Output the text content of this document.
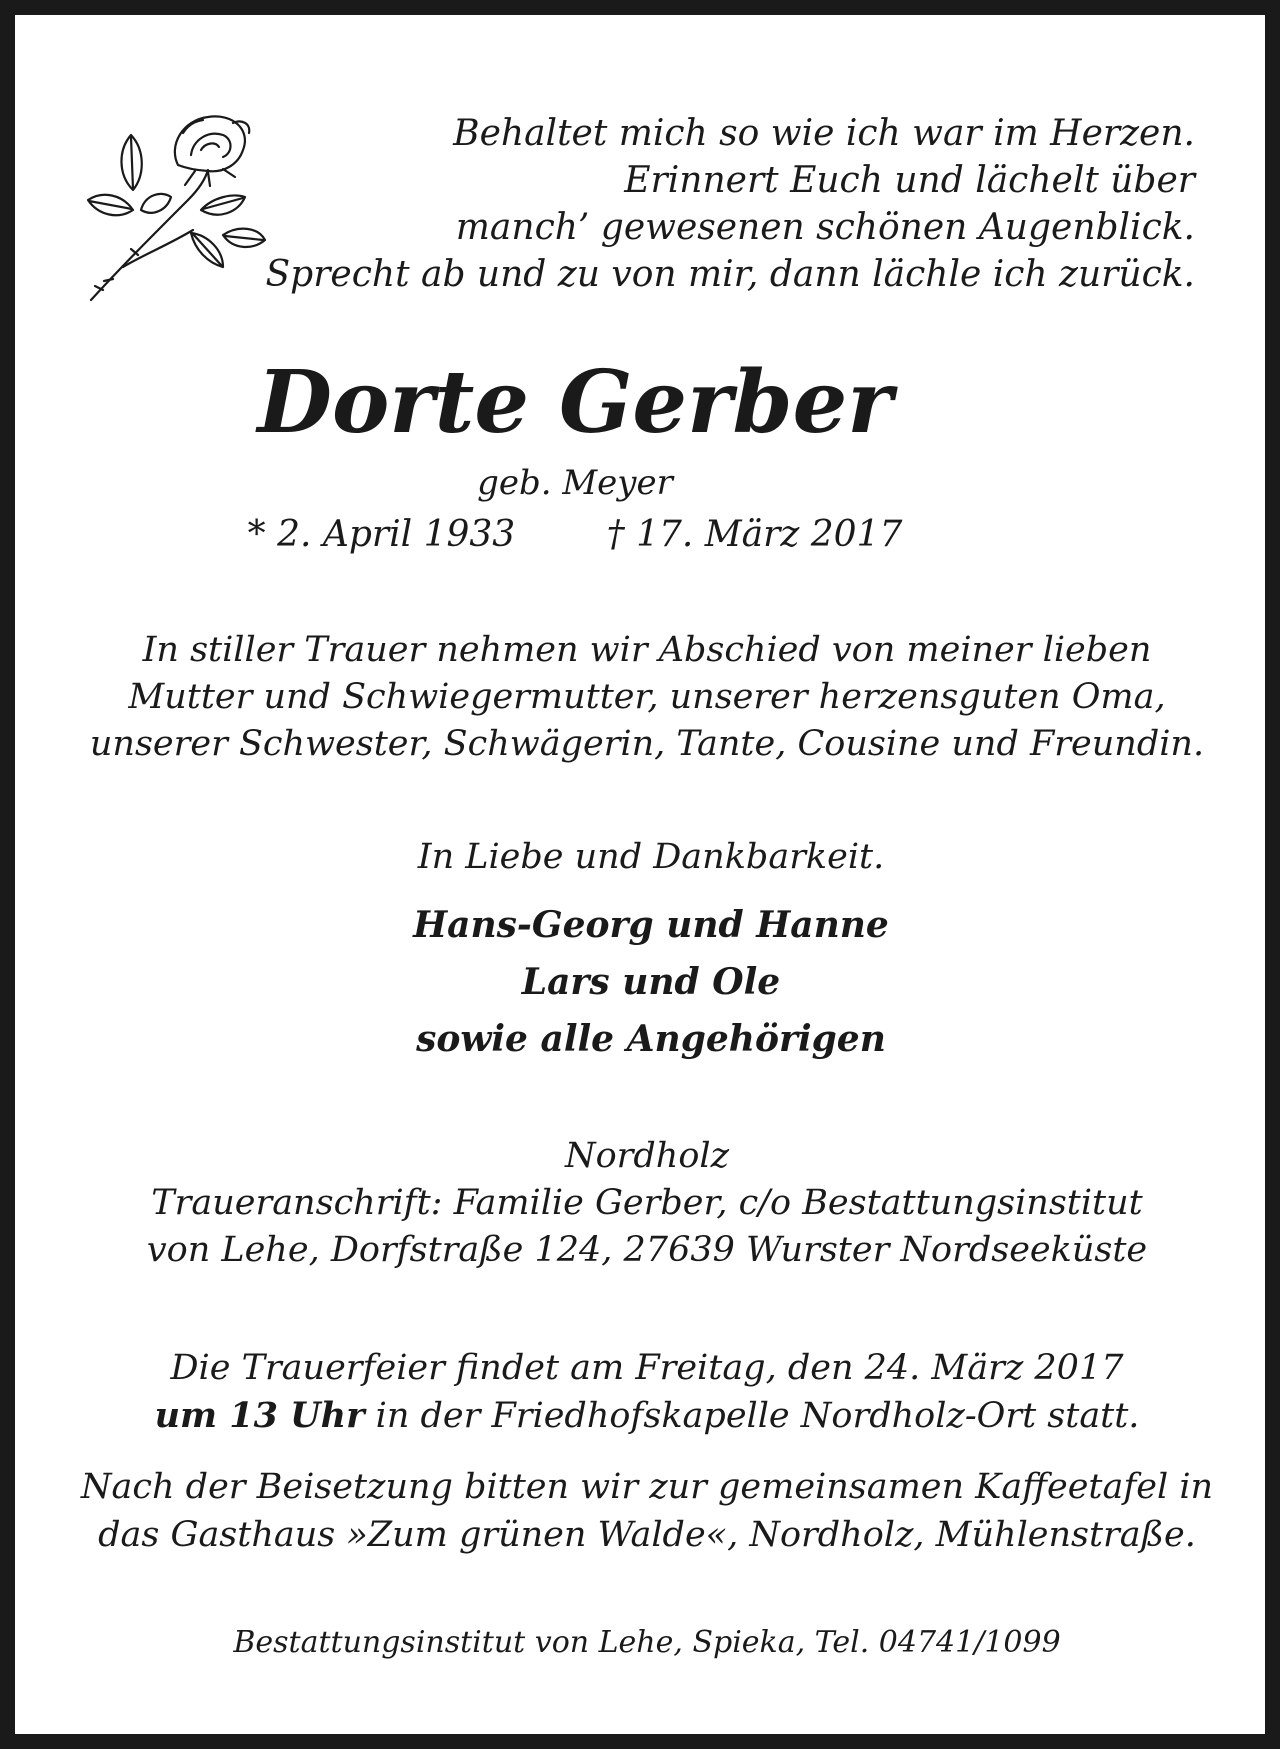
Behaltet mich so wie ich war im Herzen.
Erinnert Euch und lächelt über
manch’ gewesenen schönen Augenblick.
Sprecht ab und zu von mir, dann lächle ich zurück.
Dorte Gerber
geb. Meyer
* 2. April 1933	† 17. März 2017
In stiller Trauer nehmen wir Abschied von meiner lieben
Mutter und Schwiegermutter, unserer herzensguten Oma,
unserer Schwester, Schwägerin, Tante, Cousine und Freundin.
In Liebe und Dankbarkeit.
Hans-Georg und Hanne
Lars und Ole
sowie alle Angehörigen
Nordholz
Traueranschrift: Familie Gerber, c/o Bestattungsinstitut
von Lehe, Dorfstraße 124, 27639 Wurster Nordseeküste
Die Trauerfeier findet am Freitag, den 24. März 2017
um 13 Uhr in der Friedhofskapelle Nordholz-Ort statt.
Nach der Beisetzung bitten wir zur gemeinsamen Kaffeetafel in
das Gasthaus »Zum grünen Walde«, Nordholz, Mühlenstraße.
Bestattungsinstitut von Lehe, Spieka, Tel. 04741/1099
